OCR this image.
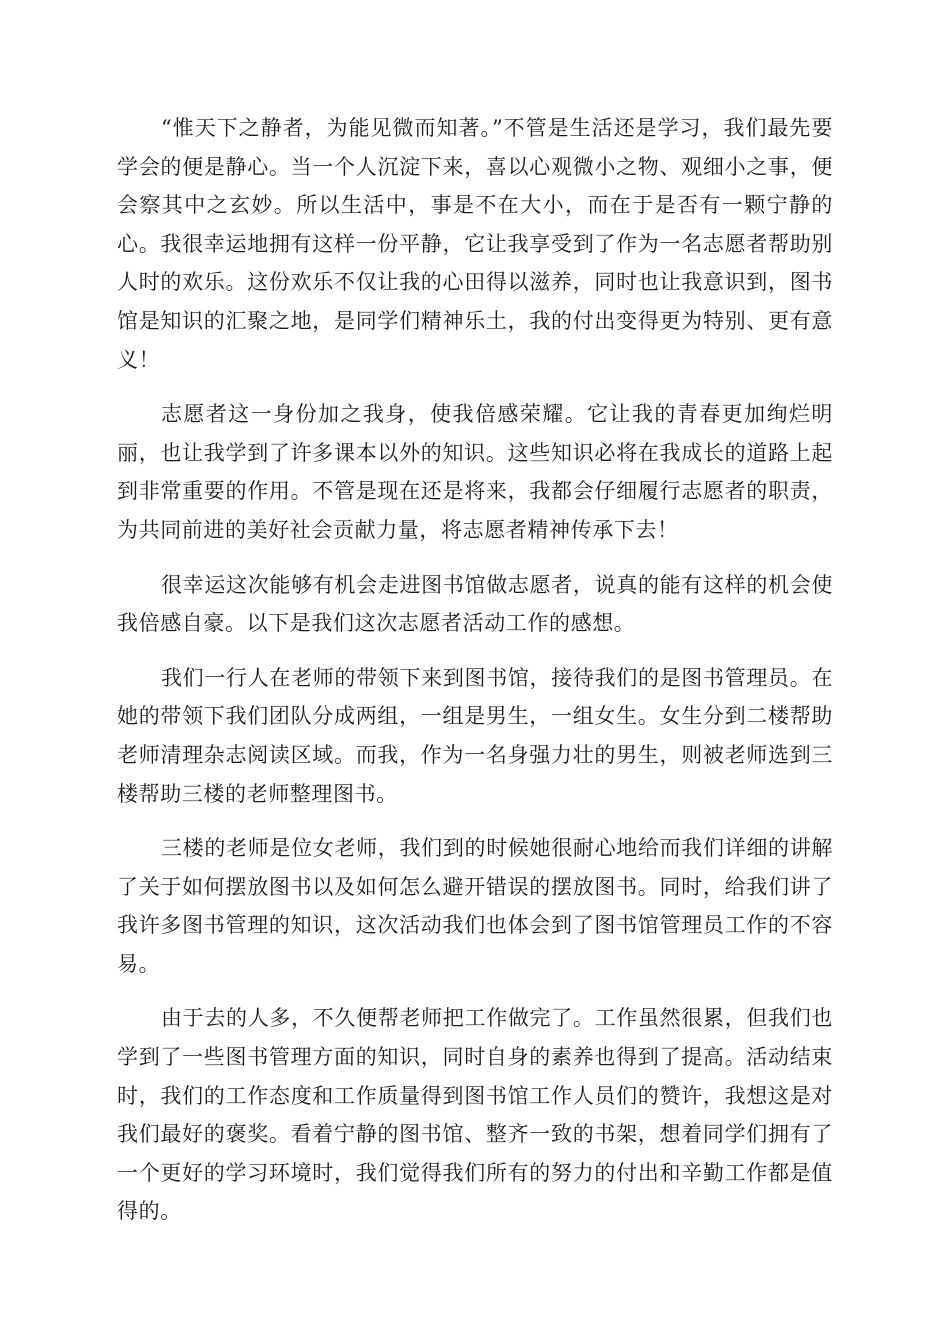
“惟天下之静者，为能见微而知著。”不管是生活还是学习，我们最先要学会的便是静心。当一个人沉淀下来，喜以心观微小之物、观细小之事，便会察其中之玄妙。所以生活中，事是不在大小，而在于是否有一颗宁静的心。我很幸运地拥有这样一份平静，它让我享受到了作为一名志愿者帮助别人时的欢乐。这份欢乐不仅让我的心田得以滋养，同时也让我意识到，图书馆是知识的汇聚之地，是同学们精神乐土，我的付出变得更为特别、更有意义！

志愿者这一身份加之我身，使我倍感荣耀。它让我的青春更加绚烂明丽，也让我学到了许多课本以外的知识。这些知识必将在我成长的道路上起到非常重要的作用。不管是现在还是将来，我都会仔细履行志愿者的职责，为共同前进的美好社会贡献力量，将志愿者精神传承下去！

很幸运这次能够有机会走进图书馆做志愿者，说真的能有这样的机会使我倍感自豪。以下是我们这次志愿者活动工作的感想。

我们一行人在老师的带领下来到图书馆，接待我们的是图书管理员。在她的带领下我们团队分成两组，一组是男生，一组女生。女生分到二楼帮助老师清理杂志阅读区域。而我，作为一名身强力壮的男生，则被老师选到三楼帮助三楼的老师整理图书。

三楼的老师是位女老师，我们到的时候她很耐心地给而我们详细的讲解了关于如何摆放图书以及如何怎么避开错误的摆放图书。同时，给我们讲了我许多图书管理的知识，这次活动我们也体会到了图书馆管理员工作的不容易。

由于去的人多，不久便帮老师把工作做完了。工作虽然很累，但我们也学到了一些图书管理方面的知识，同时自身的素养也得到了提高。活动结束时，我们的工作态度和工作质量得到图书馆工作人员们的赞许，我想这是对我们最好的褒奖。看着宁静的图书馆、整齐一致的书架，想着同学们拥有了一个更好的学习环境时，我们觉得我们所有的努力的付出和辛勤工作都是值得的。
